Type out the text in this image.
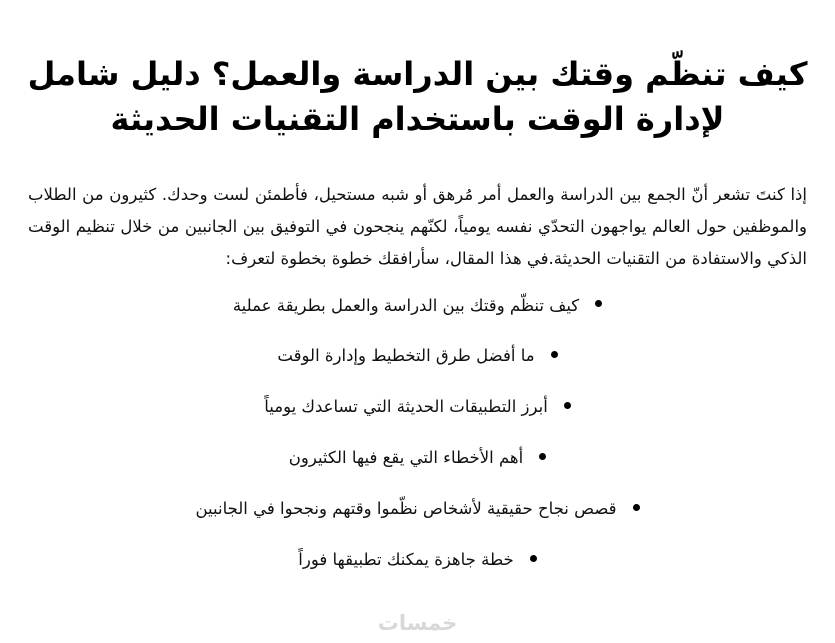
كيف تنظّم وقتك بين الدراسة والعمل؟ دليل شامل لإدارة الوقت باستخدام التقنيات الحديثة

إذا كنتَ تشعر أنّ الجمع بين الدراسة والعمل أمر مُرهق أو شبه مستحيل، فأطمئن لست وحدك. كثيرون من الطلاب والموظفين حول العالم يواجهون التحدّي نفسه يومياً، لكنّهم ينجحون في التوفيق بين الجانبين من خلال تنظيم الوقت الذكي والاستفادة من التقنيات الحديثة.في هذا المقال، سأرافقك خطوة بخطوة لتعرف:

كيف تنظّم وقتك بين الدراسة والعمل بطريقة عملية
ما أفضل طرق التخطيط وإدارة الوقت
أبرز التطبيقات الحديثة التي تساعدك يومياً
أهم الأخطاء التي يقع فيها الكثيرون
قصص نجاح حقيقية لأشخاص نظّموا وقتهم ونجحوا في الجانبين
خطة جاهزة يمكنك تطبيقها فوراً
خمسات
